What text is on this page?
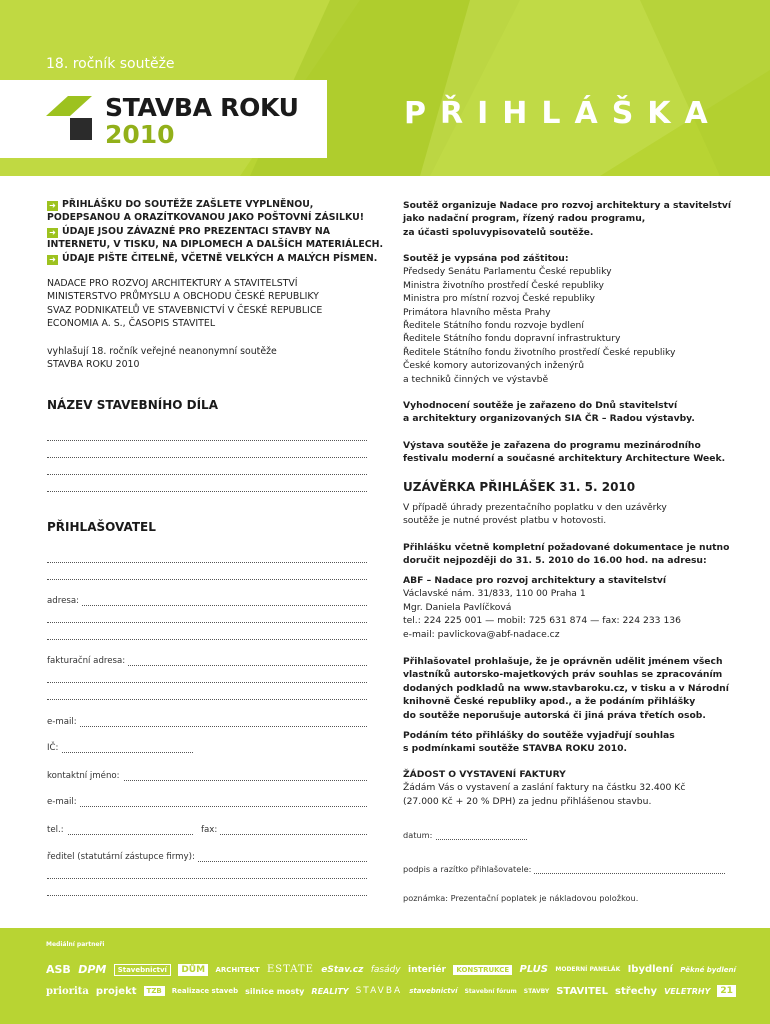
18. ročník soutěže
STAVBA ROKU
2010
PŘIHLÁŠKA
➜ PŘIHLÁŠKU DO SOUTĚŽE ZAŠLETE VYPLNĚNOU,
PODEPSANOU A ORAZÍTKOVANOU JAKO POŠTOVNÍ ZÁSILKU!
➜ ÚDAJE JSOU ZÁVAZNÉ PRO PREZENTACI STAVBY NA
INTERNETU, V TISKU, NA DIPLOMECH A DALŠÍCH MATERIÁLECH.
➜ ÚDAJE PIŠTE ČITELNĚ, VČETNĚ VELKÝCH A MALÝCH PÍSMEN.
NADACE PRO ROZVOJ ARCHITEKTURY A STAVITELSTVÍ
MINISTERSTVO PRŮMYSLU A OBCHODU ČESKÉ REPUBLIKY
SVAZ PODNIKATELŮ VE STAVEBNICTVÍ V ČESKÉ REPUBLICE
ECONOMIA A. S., ČASOPIS STAVITEL
vyhlašují 18. ročník veřejné neanonymní soutěže
STAVBA ROKU 2010
NÁZEV STAVEBNÍHO DÍLA
PŘIHLAŠOVATEL
adresa:
fakturační adresa:
e-mail:
IČ:
kontaktní jméno:
e-mail:
tel.:	fax:
ředitel (statutární zástupce firmy):
Soutěž organizuje Nadace pro rozvoj architektury a stavitelství
jako nadační program, řízený radou programu,
za účasti spoluvypisovatelů soutěže.
Soutěž je vypsána pod záštitou:
Předsedy Senátu Parlamentu České republiky
Ministra životního prostředí České republiky
Ministra pro místní rozvoj České republiky
Primátora hlavního města Prahy
Ředitele Státního fondu rozvoje bydlení
Ředitele Státního fondu dopravní infrastruktury
Ředitele Státního fondu životního prostředí České republiky
České komory autorizovaných inženýrů
a techniků činných ve výstavbě
Vyhodnocení soutěže je zařazeno do Dnů stavitelství
a architektury organizovaných SIA ČR – Radou výstavby.
Výstava soutěže je zařazena do programu mezinárodního
festivalu moderní a současné architektury Architecture Week.
UZÁVĚRKA PŘIHLÁŠEK 31. 5. 2010
V případě úhrady prezentačního poplatku v den uzávěrky
soutěže je nutné provést platbu v hotovosti.
Přihlášku včetně kompletní požadované dokumentace je nutno
doručit nejpozději do 31. 5. 2010 do 16.00 hod. na adresu:
ABF – Nadace pro rozvoj architektury a stavitelství
Václavské nám. 31/833, 110 00 Praha 1
Mgr. Daniela Pavlíčková
tel.: 224 225 001 — mobil: 725 631 874 — fax: 224 233 136
e-mail: pavlickova@abf-nadace.cz
Přihlašovatel prohlašuje, že je oprávněn udělit jménem všech
vlastníků autorsko-majetkových práv souhlas se zpracováním
dodaných podkladů na www.stavbaroku.cz, v tisku a v Národní
knihovně České republiky apod., a že podáním přihlášky
do soutěže neporušuje autorská či jiná práva třetích osob.
Podáním této přihlášky do soutěže vyjadřují souhlas
s podmínkami soutěže STAVBA ROKU 2010.
ŽÁDOST O VYSTAVENÍ FAKTURY
Žádám Vás o vystavení a zaslání faktury na částku 32.400 Kč
(27.000 Kč + 20 % DPH) za jednu přihlášenou stavbu.
datum:
podpis a razítko přihlašovatele:
poznámka: Prezentační poplatek je nákladovou položkou.
Mediální partneři
ASB DPM	Stavebnictví	DŮM	ARCHITEKT ESTATE eStav.cz fasády interiér	KONSTRUKCE	PLUS MODERNÍ PANELÁK Ibydlení Pěkné bydlení
priorita projekt	TZB	Realizace staveb silnice mosty REALITY STAVBA stavebnictví Stavební fórum STAVBY STAVITEL střechy VELETRHY	21
